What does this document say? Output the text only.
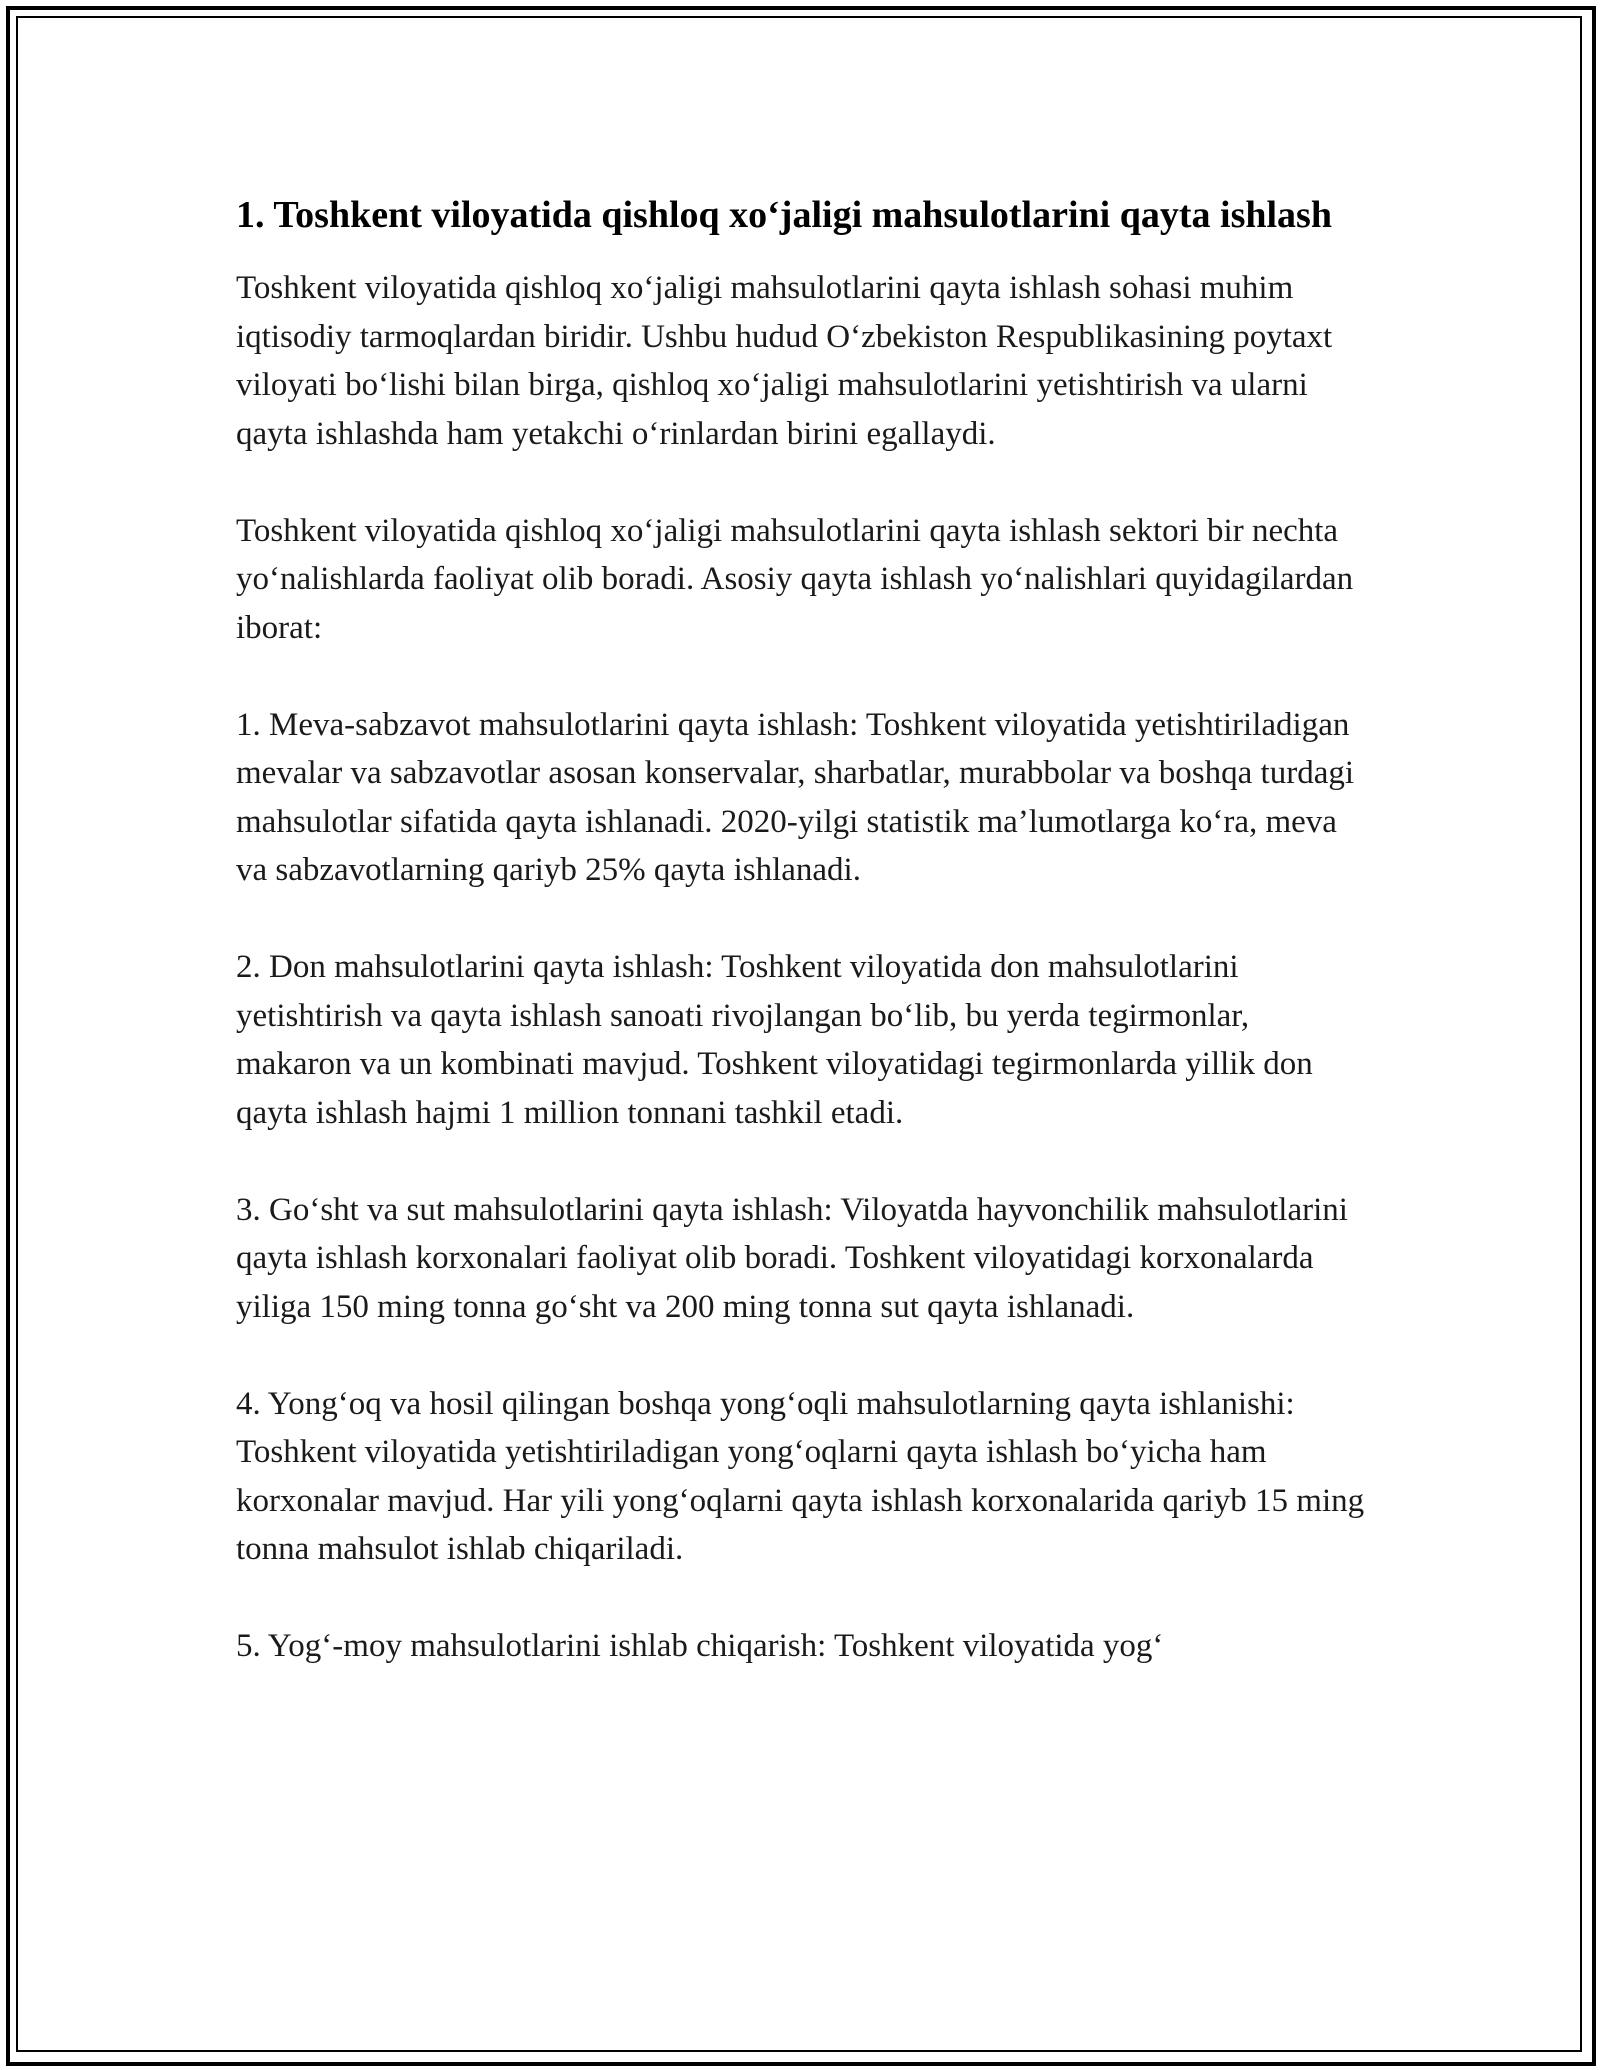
1. Toshkent viloyatida qishloq xo‘jaligi mahsulotlarini qayta ishlash

Toshkent viloyatida qishloq xo‘jaligi mahsulotlarini qayta ishlash sohasi muhim iqtisodiy tarmoqlardan biridir. Ushbu hudud O‘zbekiston Respublikasining poytaxt viloyati bo‘lishi bilan birga, qishloq xo‘jaligi mahsulotlarini yetishtirish va ularni qayta ishlashda ham yetakchi o‘rinlardan birini egallaydi.

Toshkent viloyatida qishloq xo‘jaligi mahsulotlarini qayta ishlash sektori bir nechta yo‘nalishlarda faoliyat olib boradi. Asosiy qayta ishlash yo‘nalishlari quyidagilardan iborat:

1. Meva-sabzavot mahsulotlarini qayta ishlash: Toshkent viloyatida yetishtiriladigan mevalar va sabzavotlar asosan konservalar, sharbatlar, murabbolar va boshqa turdagi mahsulotlar sifatida qayta ishlanadi. 2020-yilgi statistik ma’lumotlarga ko‘ra, meva va sabzavotlarning qariyb 25% qayta ishlanadi.

2. Don mahsulotlarini qayta ishlash: Toshkent viloyatida don mahsulotlarini yetishtirish va qayta ishlash sanoati rivojlangan bo‘lib, bu yerda tegirmonlar, makaron va un kombinati mavjud. Toshkent viloyatidagi tegirmonlarda yillik don qayta ishlash hajmi 1 million tonnani tashkil etadi.

3. Go‘sht va sut mahsulotlarini qayta ishlash: Viloyatda hayvonchilik mahsulotlarini qayta ishlash korxonalari faoliyat olib boradi. Toshkent viloyatidagi korxonalarda yiliga 150 ming tonna go‘sht va 200 ming tonna sut qayta ishlanadi.

4. Yong‘oq va hosil qilingan boshqa yong‘oqli mahsulotlarning qayta ishlanishi: Toshkent viloyatida yetishtiriladigan yong‘oqlarni qayta ishlash bo‘yicha ham korxonalar mavjud. Har yili yong‘oqlarni qayta ishlash korxonalarida qariyb 15 ming tonna mahsulot ishlab chiqariladi.

5. Yog‘-moy mahsulotlarini ishlab chiqarish: Toshkent viloyatida yog‘
